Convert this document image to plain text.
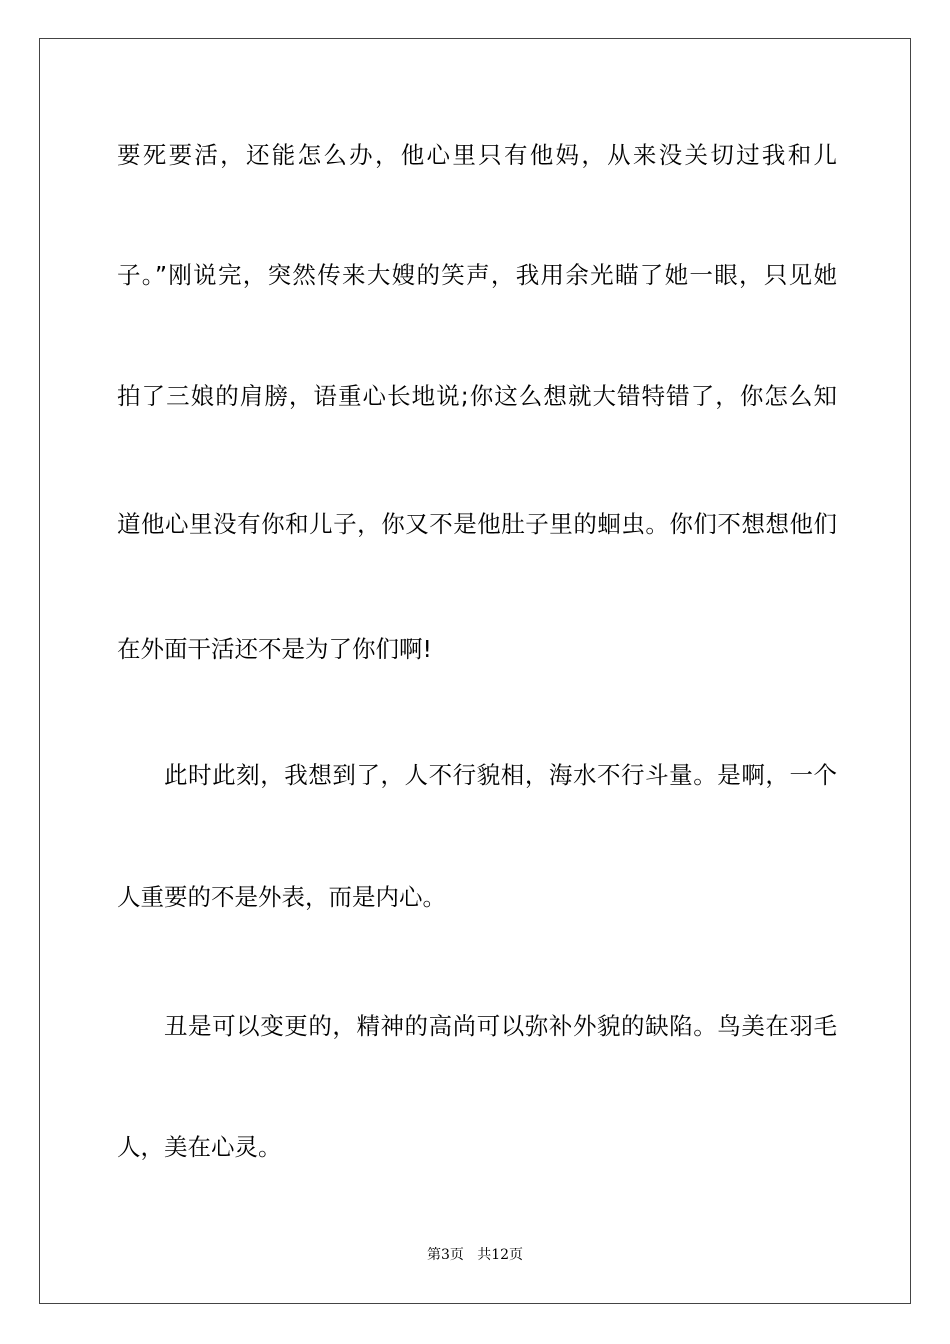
要死要活，还能怎么办，他心里只有他妈，从来没关切过我和儿
子。”刚说完，突然传来大嫂的笑声，我用余光瞄了她一眼，只见她
拍了三娘的肩膀，语重心长地说;你这么想就大错特错了，你怎么知
道他心里没有你和儿子，你又不是他肚子里的蛔虫。你们不想想他们
在外面干活还不是为了你们啊!
此时此刻，我想到了，人不行貌相，海水不行斗量。是啊，一个
人重要的不是外表，而是内心。
丑是可以变更的，精神的高尚可以弥补外貌的缺陷。鸟美在羽毛
人，美在心灵。
第3页   共12页
